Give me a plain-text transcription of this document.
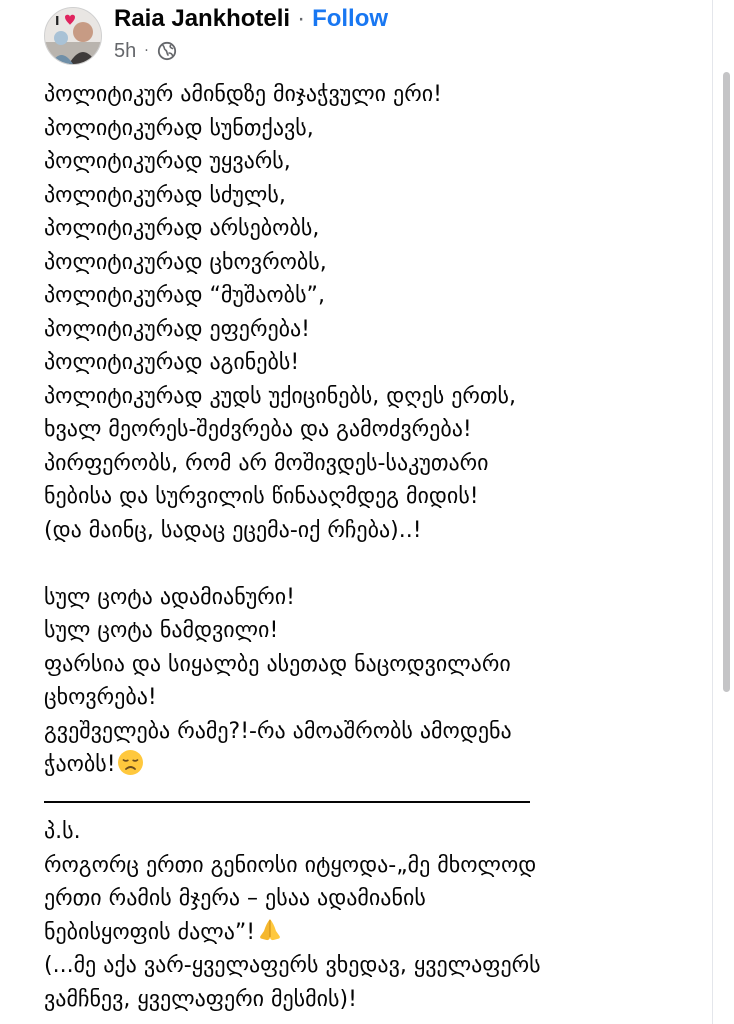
I Raia Jankhoteli · Follow
5h ·
პოლიტიკურ ამინდზე მიჯაჭვული ერი!
პოლიტიკურად სუნთქავს,
პოლიტიკურად უყვარს,
პოლიტიკურად სძულს,
პოლიტიკურად არსებობს,
პოლიტიკურად ცხოვრობს,
პოლიტიკურად “მუშაობს”,
პოლიტიკურად ეფერება!
პოლიტიკურად აგინებს!
პოლიტიკურად კუდს უქიცინებს, დღეს ერთს,
ხვალ მეორეს-შეძვრება და გამოძვრება!
პირფერობს, რომ არ მოშივდეს-საკუთარი
ნებისა და სურვილის წინააღმდეგ მიდის!
(და მაინც, სადაც ეცემა-იქ რჩება)..!
სულ ცოტა ადამიანური!
სულ ცოტა ნამდვილი!
ფარსია და სიყალბე ასეთად ნაცოდვილარი
ცხოვრება!
გვეშველება რამე?!-რა ამოაშრობს ამოდენა
ჭაობს!
პ.ს.
როგორც ერთი გენიოსი იტყოდა-„მე მხოლოდ
ერთი რამის მჯერა – ესაა ადამიანის
ნებისყოფის ძალა”!
(...მე აქა ვარ-ყველაფერს ვხედავ, ყველაფერს
ვამჩნევ, ყველაფერი მესმის)!
